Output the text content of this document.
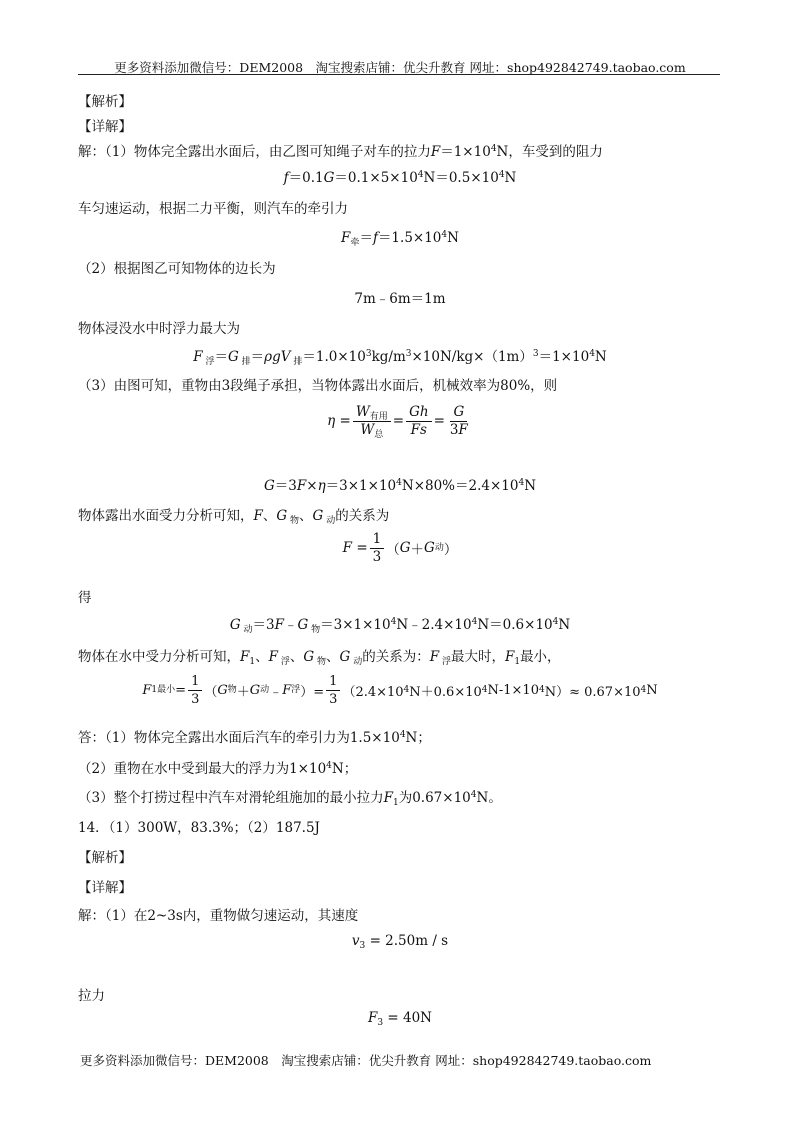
更多资料添加微信号：DEM2008　淘宝搜索店铺：优尖升教育 网址：shop492842749.taobao.com
【解析】
【详解】
解：（1）物体完全露出水面后，由乙图可知绳子对车的拉力$F=1\times 10^4N$，车受到的阻力
$f=0.1G=0.1\times 5\times 10^4N=0.5\times 10^4N$
车匀速运动，根据二力平衡，则汽车的牵引力
$F_牵=f=1.5\times 10^4N$
（2）根据图乙可知物体的边长为
7m﹣6m＝1m
物体浸没水中时浮力最大为
F $_浮$＝G $_排$＝ρgV $_排=1.0\times 10^3kg/m^3\times 10N/kg\times(1m)^3=1\times 10^4N$
（3）由图可知，重物由3段绳子承担，当物体露出水面后，机械效率为80%，则
$\eta = \frac{W_{有用}}{W_总} = \frac{Gh}{Fs} = \frac{G}{3F}$
$G=3F\times\eta=3\times 1\times 10^4N\times 80\%=2.4\times 10^4N$
物体露出水面受力分析可知，F、G $_物$、G $_动$的关系为
$F = \frac{1}{3}$ （ G ＋ G 动 ）
得
G $_动$＝3F﹣G $_物=3\times 1\times 10^4N﹣2.4\times 10^4N=0.6\times 10^4N$
物体在水中受力分析可知，$F_1$、F $_浮$、G $_物$、G $_动$的关系为：F $_浮$最大时，$F_1$最小，
F 1最小 = $\frac{1}{3}$ （ G 物 ＋ G 动 ﹣ F 浮 ）= $\frac{1}{3} (2.4\times 10$ 4 N＋0.6×10 4 N-1×10 4 N）≈ 0.67×10 4 N
答：（1）物体完全露出水面后汽车的牵引力为$1.5\times 10^4N$；
（2）重物在水中受到最大的浮力为$1\times 10^4N$；
（3）整个打捞过程中汽车对滑轮组施加的最小拉力$F_1$为$0.67\times 10^4N$。
14．（1）300W，83.3%；（2）187.5J
【解析】
【详解】
解：（1）在2~3s内，重物做匀速运动，其速度
$v_3 = 2.50m / s$
拉力
$F_3 = 40N$
更多资料添加微信号：DEM2008　淘宝搜索店铺：优尖升教育 网址：shop492842749.taobao.com
